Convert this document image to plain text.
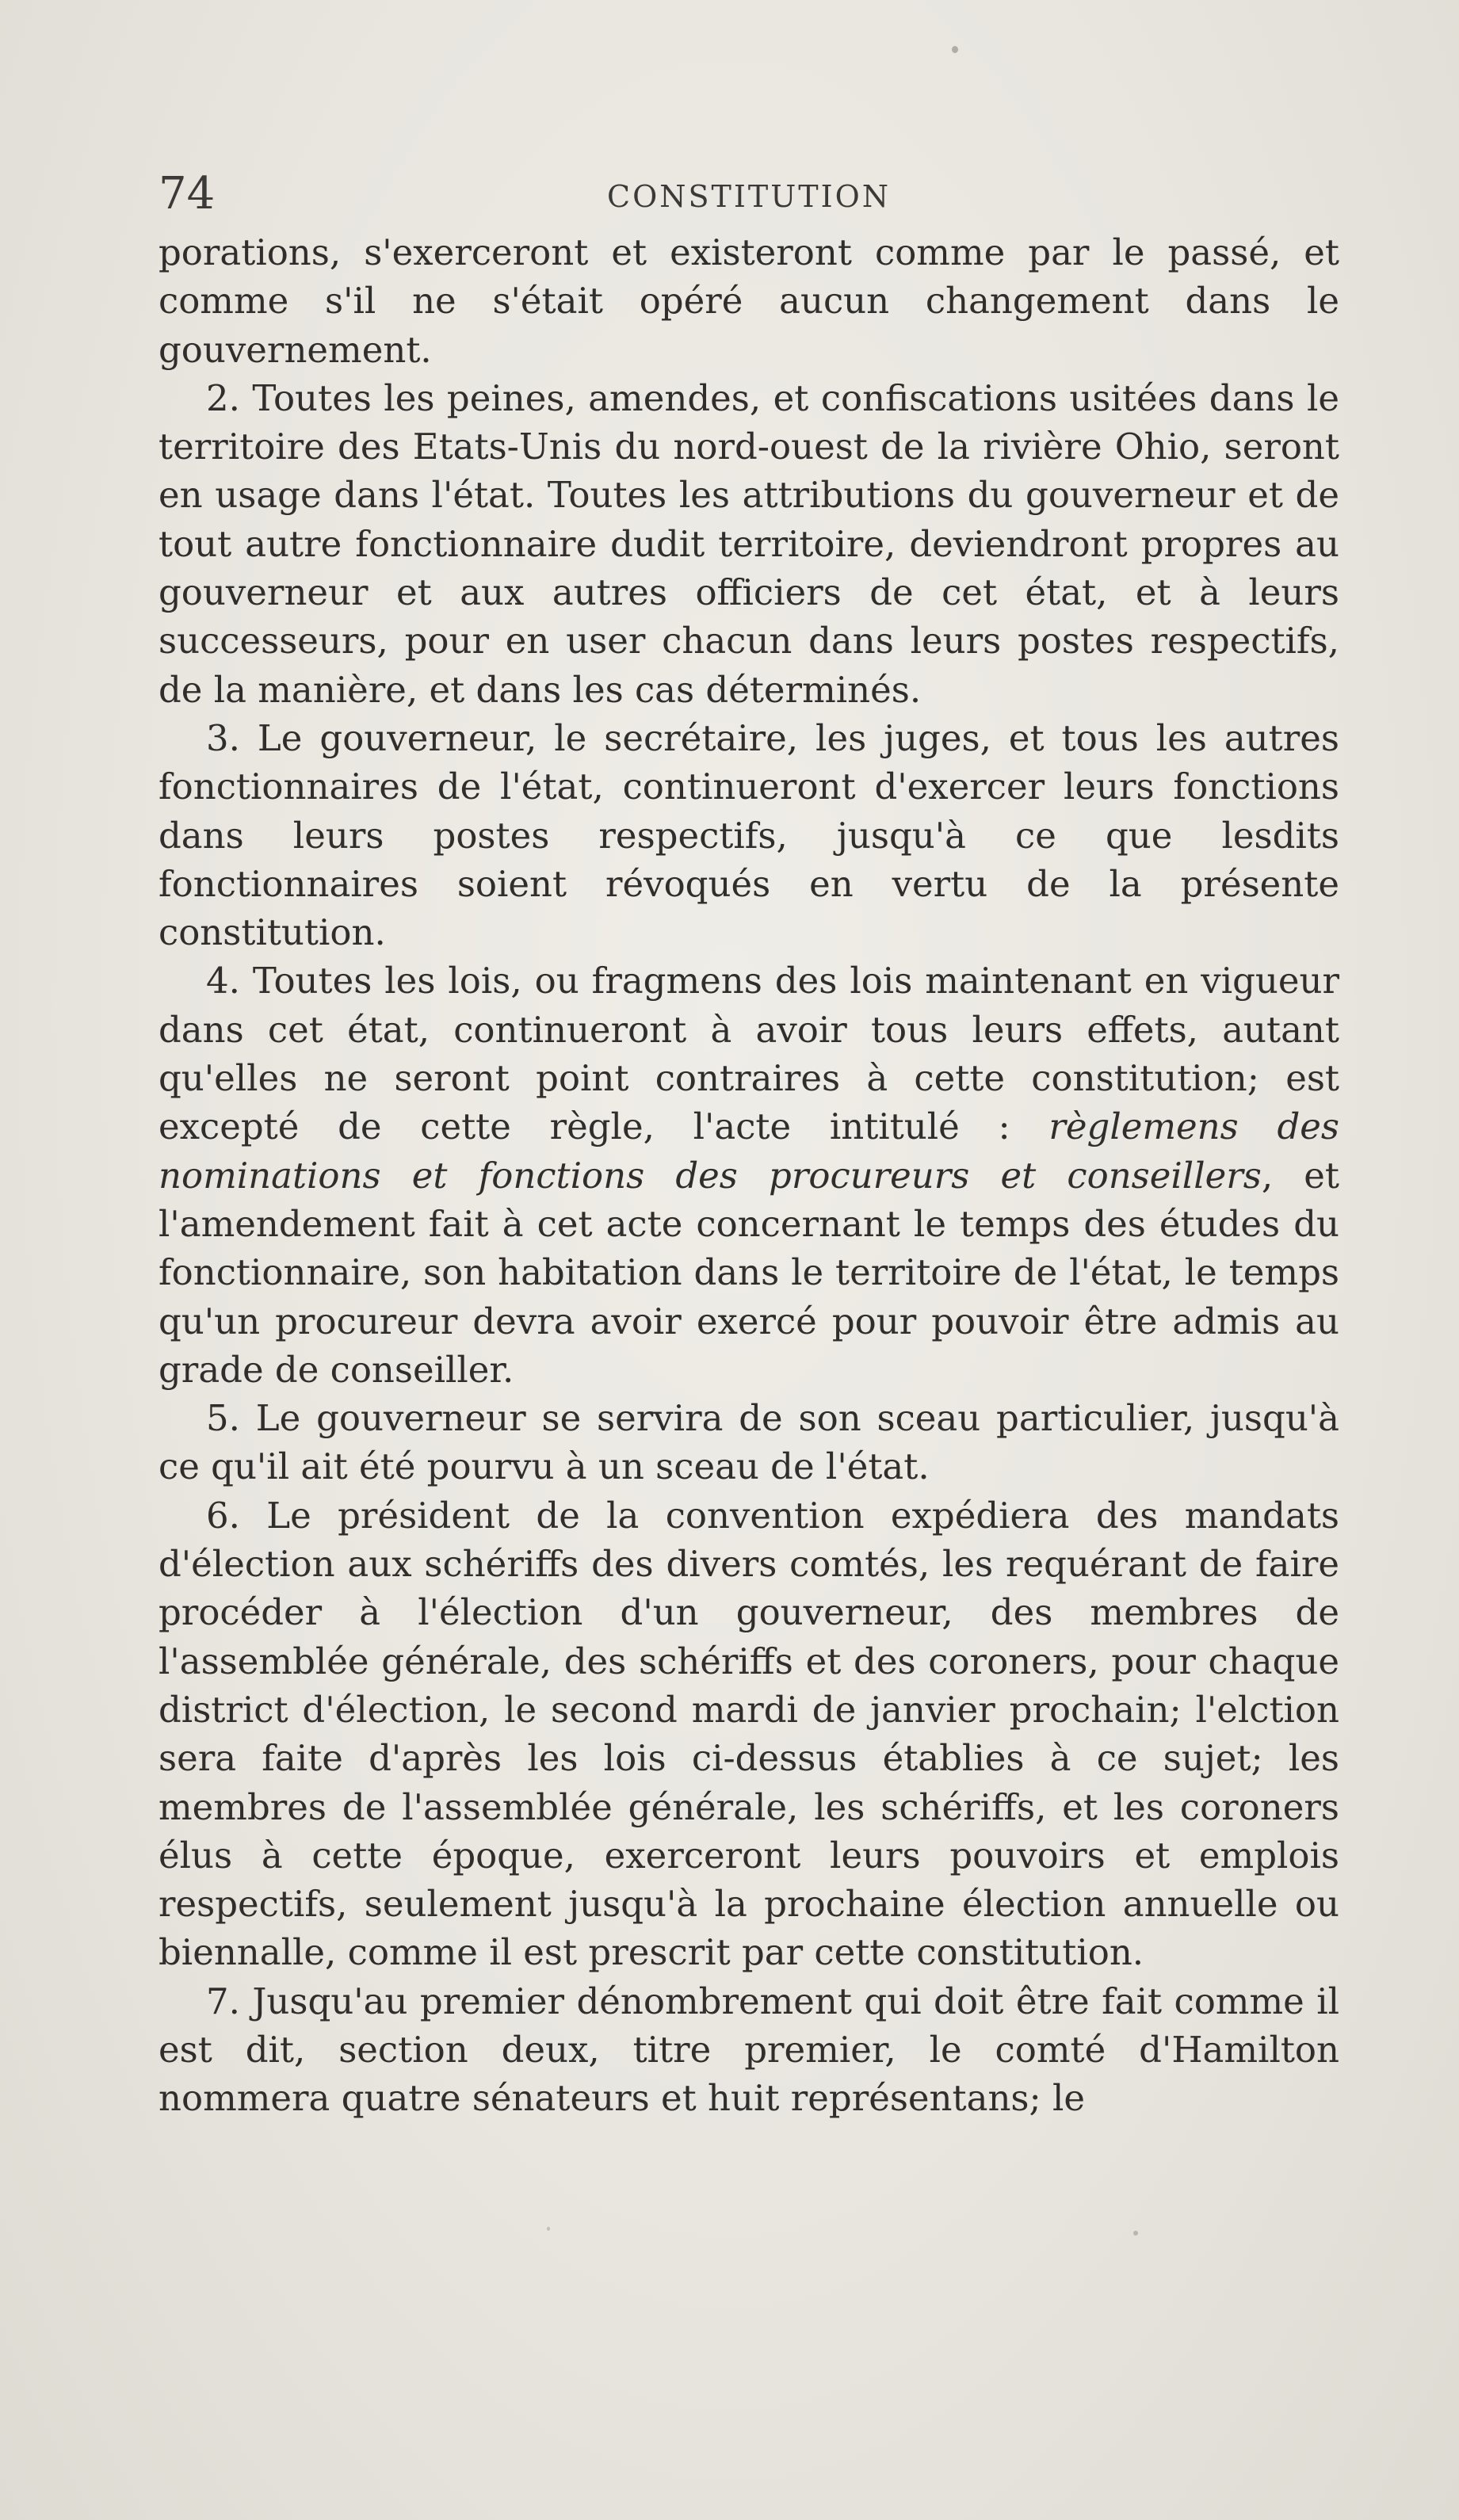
74	CONSTITUTION

porations, s'exerceront et existeront comme par le passé, et comme s'il ne s'était opéré aucun changement dans le gouvernement.

2. Toutes les peines, amendes, et confiscations usitées dans le territoire des Etats-Unis du nord-ouest de la rivière Ohio, seront en usage dans l'état. Toutes les attributions du gouverneur et de tout autre fonctionnaire dudit territoire, deviendront propres au gouverneur et aux autres officiers de cet état, et à leurs successeurs, pour en user chacun dans leurs postes respectifs, de la manière, et dans les cas déterminés.

3. Le gouverneur, le secrétaire, les juges, et tous les autres fonctionnaires de l'état, continueront d'exercer leurs fonctions dans leurs postes respectifs, jusqu'à ce que lesdits fonctionnaires soient révoqués en vertu de la présente constitution.

4. Toutes les lois, ou fragmens des lois maintenant en vigueur dans cet état, continueront à avoir tous leurs effets, autant qu'elles ne seront point contraires à cette constitution; est excepté de cette règle, l'acte intitulé : règlemens des nominations et fonctions des procureurs et conseillers, et l'amendement fait à cet acte concernant le temps des études du fonctionnaire, son habitation dans le territoire de l'état, le temps qu'un procureur devra avoir exercé pour pouvoir être admis au grade de conseiller.

5. Le gouverneur se servira de son sceau particulier, jusqu'à ce qu'il ait été pourvu à un sceau de l'état.

6. Le président de la convention expédiera des mandats d'élection aux schériffs des divers comtés, les requérant de faire procéder à l'élection d'un gouverneur, des membres de l'assemblée générale, des schériffs et des coroners, pour chaque district d'élection, le second mardi de janvier prochain; l'elction sera faite d'après les lois ci-dessus établies à ce sujet; les membres de l'assemblée générale, les schériffs, et les coroners élus à cette époque, exerceront leurs pouvoirs et emplois respectifs, seulement jusqu'à la prochaine élection annuelle ou biennalle, comme il est prescrit par cette constitution.

7. Jusqu'au premier dénombrement qui doit être fait comme il est dit, section deux, titre premier, le comté d'Hamilton nommera quatre sénateurs et huit représentans; le
